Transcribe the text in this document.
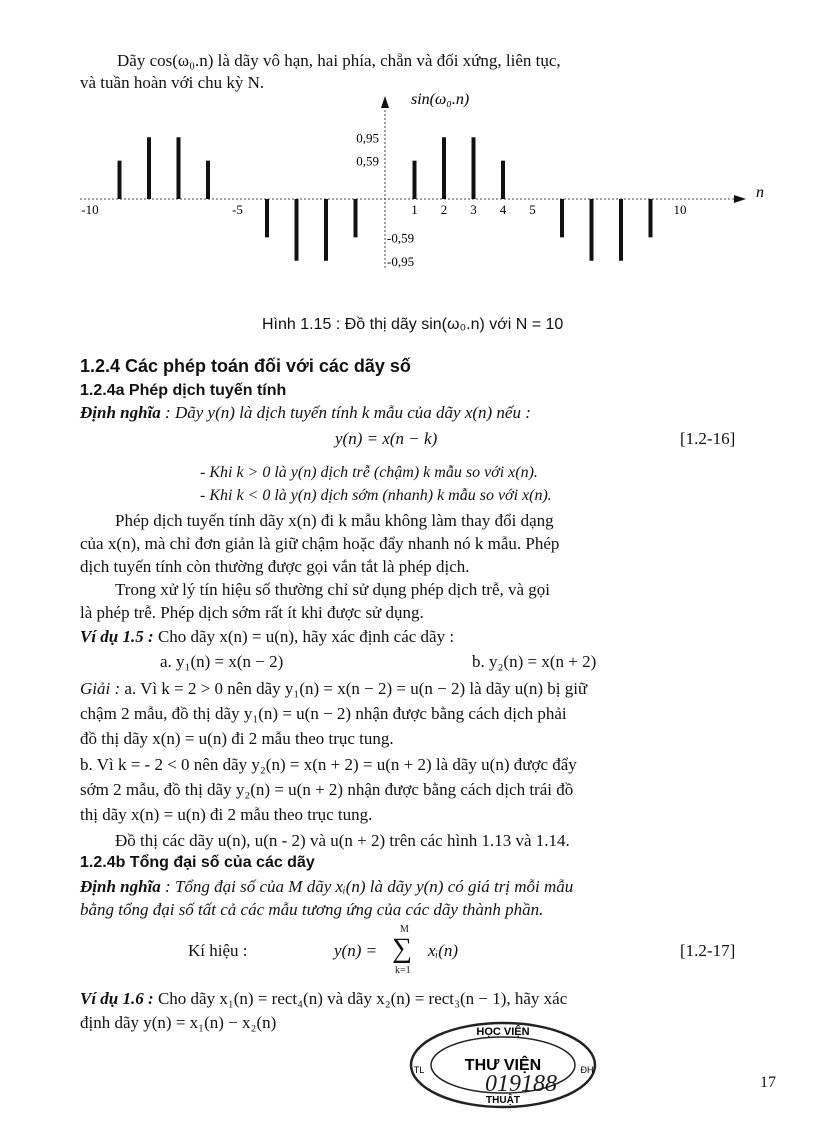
Dãy cos(ω₀.n) là dãy vô hạn, hai phía, chẵn và đối xứng, liên tục,
và tuần hoàn với chu kỳ N.
-10	-5	1 2 3 4 5	10
0,95
0,59
-0,59
-0,95
n
sin(ω₀.n)
Hình 1.15 : Đồ thị dãy sin(ω₀.n) với N = 10
1.2.4 Các phép toán đối với các dãy số
1.2.4a Phép dịch tuyến tính
Định nghĩa : Dãy y(n) là dịch tuyến tính k mẫu của dãy x(n) nếu :
y(n) = x(n − k)	[1.2-16]
- Khi k > 0 là y(n) dịch trễ (chậm) k mẫu so với x(n).
- Khi k < 0 là y(n) dịch sớm (nhanh) k mẫu so với x(n).
Phép dịch tuyến tính dãy x(n) đi k mẫu không làm thay đổi dạng
của x(n), mà chỉ đơn giản là giữ chậm hoặc đẩy nhanh nó k mẫu. Phép
dịch tuyến tính còn thường được gọi vắn tắt là phép dịch.
Trong xử lý tín hiệu số thường chỉ sử dụng phép dịch trễ, và gọi
là phép trễ. Phép dịch sớm rất ít khi được sử dụng.
Ví dụ 1.5 : Cho dãy x(n) = u(n), hãy xác định các dãy :
a. y₁(n) = x(n − 2)	b. y₂(n) = x(n + 2)
Giải : a. Vì k = 2 > 0 nên dãy y₁(n) = x(n − 2) = u(n − 2) là dãy u(n) bị giữ
chậm 2 mẫu, đồ thị dãy y₁(n) = u(n − 2) nhận được bằng cách dịch phải
đồ thị dãy x(n) = u(n) đi 2 mẫu theo trục tung.
b. Vì k = - 2 < 0 nên dãy y₂(n) = x(n + 2) = u(n + 2) là dãy u(n) được đẩy
sớm 2 mẫu, đồ thị dãy y₂(n) = u(n + 2) nhận được bằng cách dịch trái đồ
thị dãy x(n) = u(n) đi 2 mẫu theo trục tung.
Đồ thị các dãy u(n), u(n - 2) và u(n + 2) trên các hình 1.13 và 1.14.
1.2.4b Tổng đại số của các dãy
Định nghĩa : Tổng đại số của M dãy xᵢ(n) là dãy y(n) có giá trị mỗi mẫu
bằng tổng đại số tất cả các mẫu tương ứng của các dãy thành phần.
Kí hiệu :	y(n) =
M
∑
k=1
xᵢ(n)	[1.2-17]
Ví dụ 1.6 : Cho dãy x₁(n) = rect₄(n) và dãy x₂(n) = rect₃(n − 1), hãy xác
định dãy y(n) = x₁(n) − x₂(n)	HỌC VIỆN
THƯ VIỆN
THUẬT
TL	ĐH
019188	17
